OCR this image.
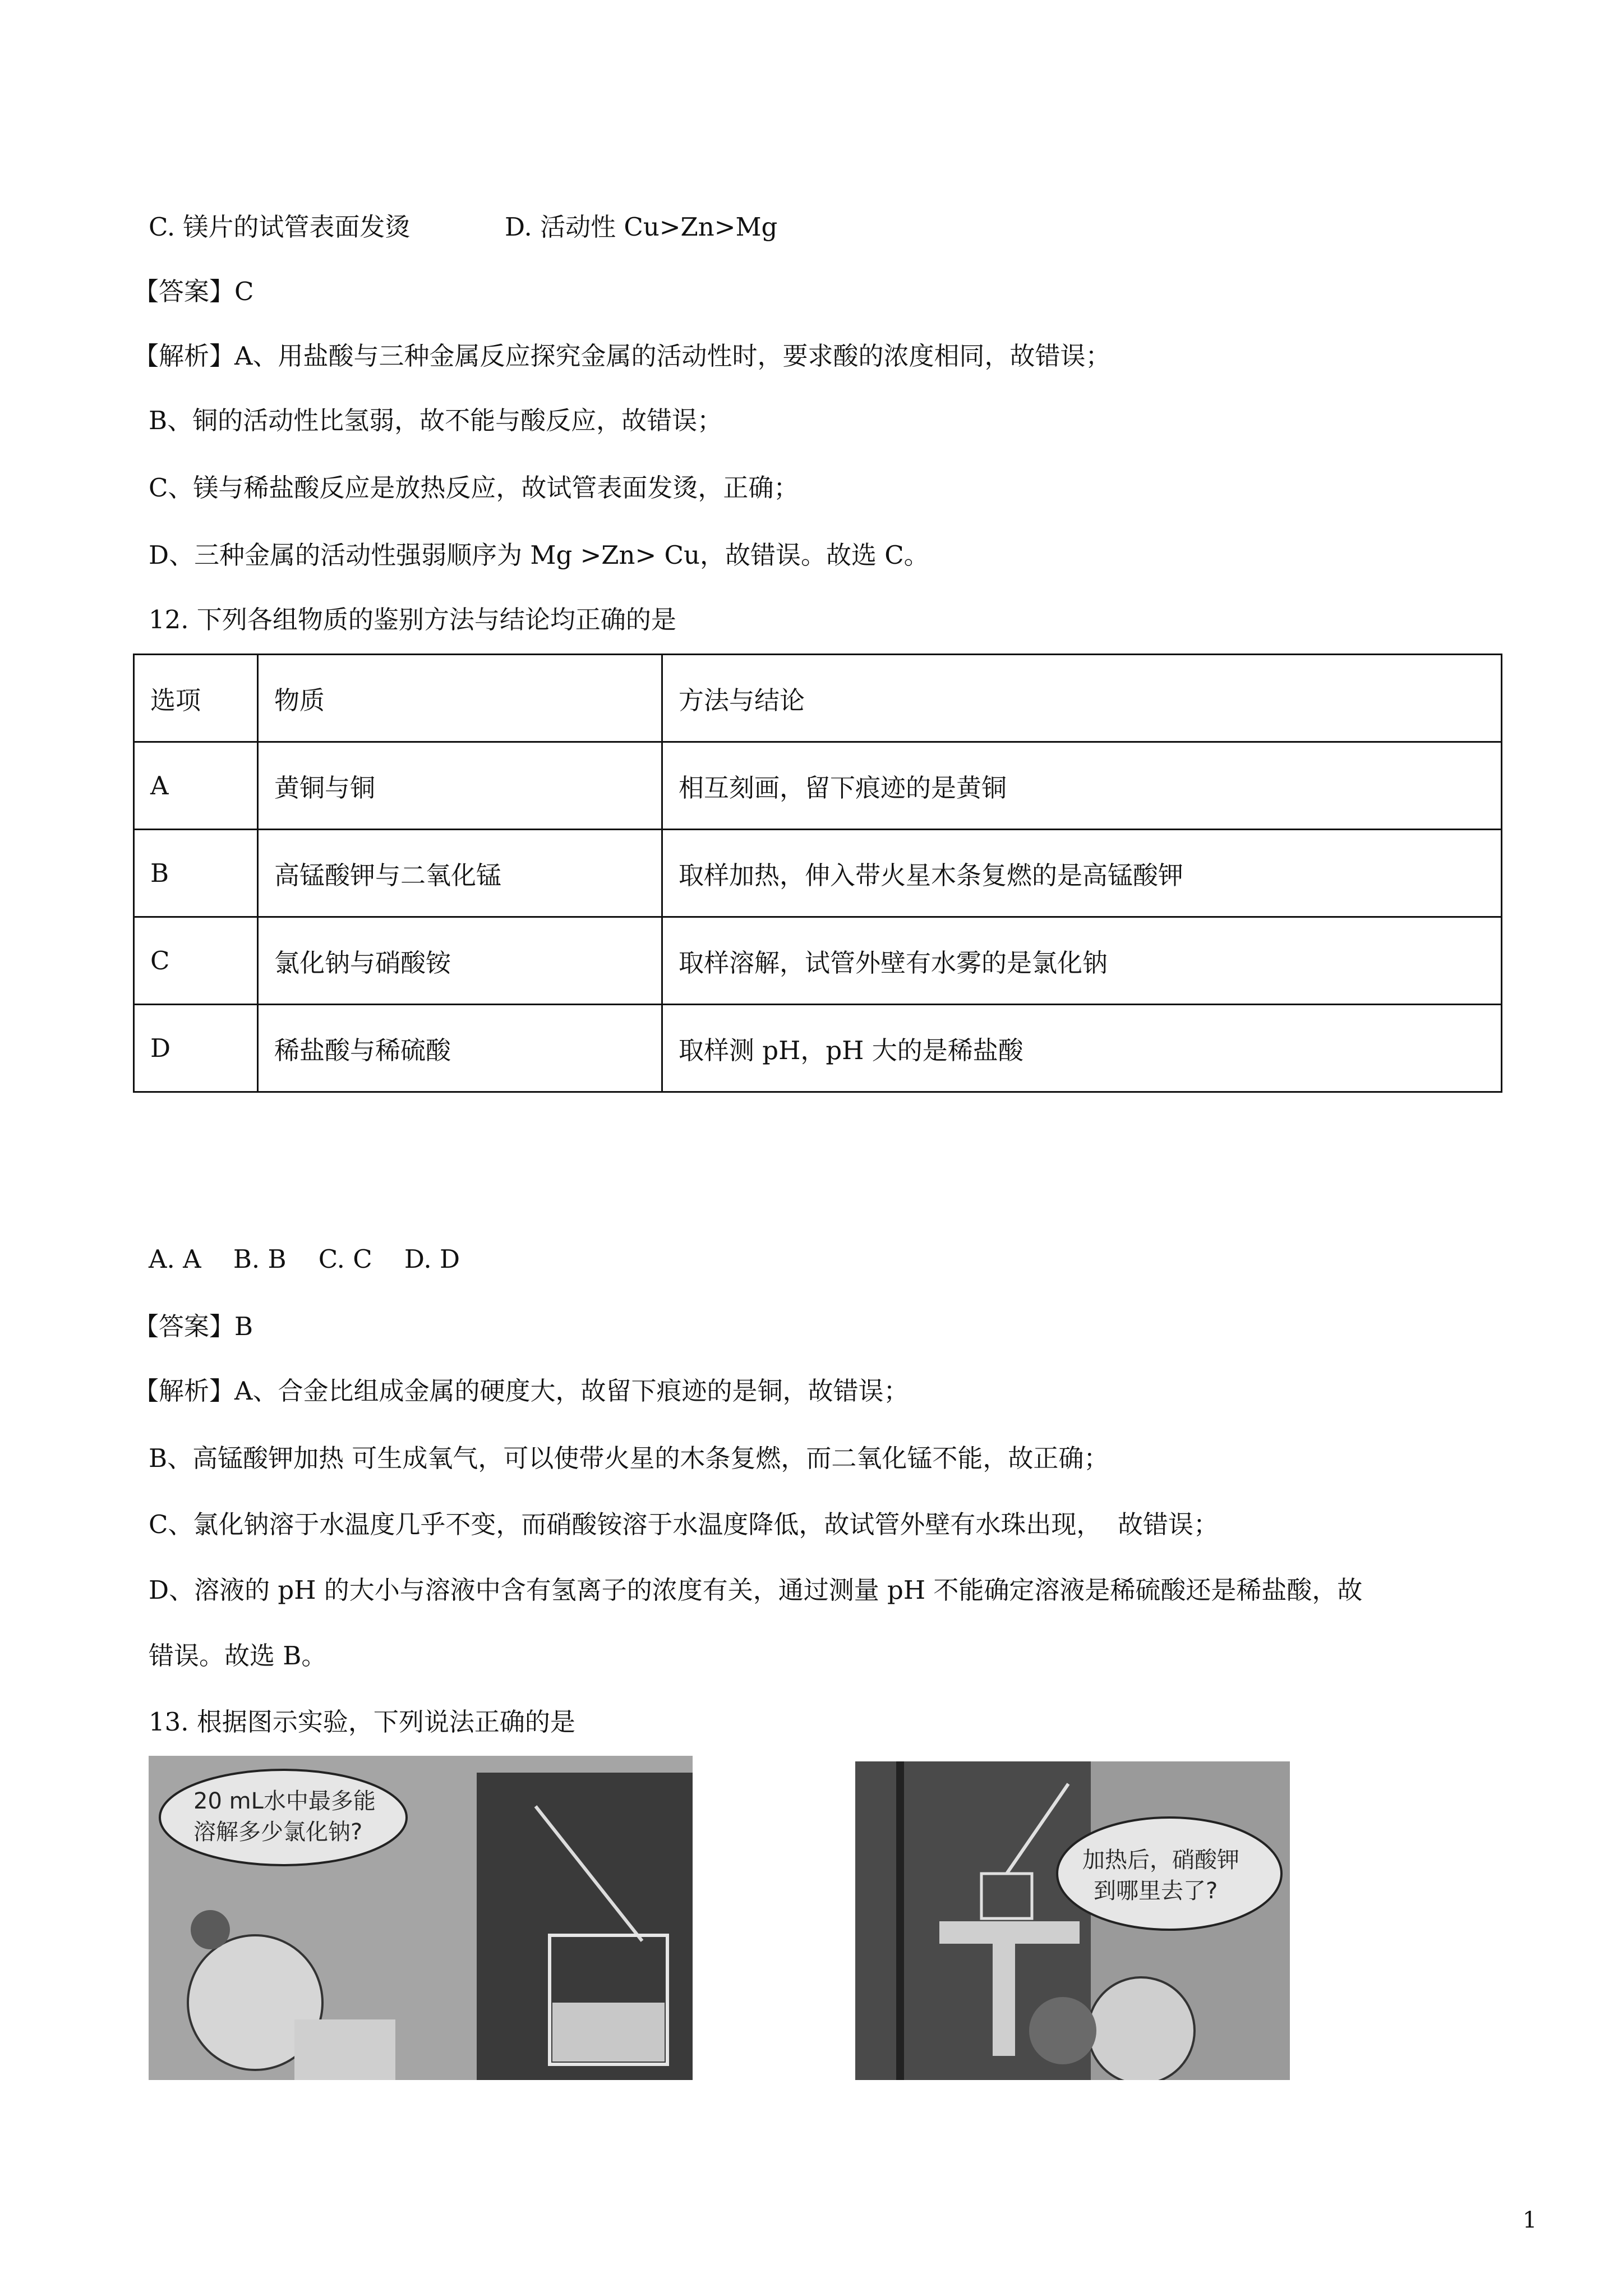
C. 镁片的试管表面发烫	D. 活动性 Cu>Zn>Mg
【答案】C
【解析】A、用盐酸与三种金属反应探究金属的活动性时，要求酸的浓度相同，故错误；
B、铜的活动性比氢弱，故不能与酸反应，故错误；
C、镁与稀盐酸反应是放热反应，故试管表面发烫，正确；
D、三种金属的活动性强弱顺序为 Mg >Zn> Cu，故错误。故选 C。
12. 下列各组物质的鉴别方法与结论均正确的是
选项	物质	方法与结论
A	黄铜与铜	相互刻画，留下痕迹的是黄铜
B	高锰酸钾与二氧化锰	取样加热，伸入带火星木条复燃的是高锰酸钾
C	氯化钠与硝酸铵	取样溶解，试管外壁有水雾的是氯化钠
D	稀盐酸与稀硫酸	取样测 pH，pH 大的是稀盐酸
A. A    B. B    C. C    D. D
【答案】B
【解析】A、合金比组成金属的硬度大，故留下痕迹的是铜，故错误；
B、高锰酸钾加热 可生成氧气，可以使带火星的木条复燃，而二氧化锰不能，故正确；
C、氯化钠溶于水温度几乎不变，而硝酸铵溶于水温度降低，故试管外壁有水珠出现，  故错误；
D、溶液的 pH 的大小与溶液中含有氢离子的浓度有关，通过测量 pH 不能确定溶液是稀硫酸还是稀盐酸，故
错误。故选 B。
13. 根据图示实验，下列说法正确的是
20 mL水中最多能
溶解多少氯化钠?
加热后，硝酸钾
到哪里去了?
1
